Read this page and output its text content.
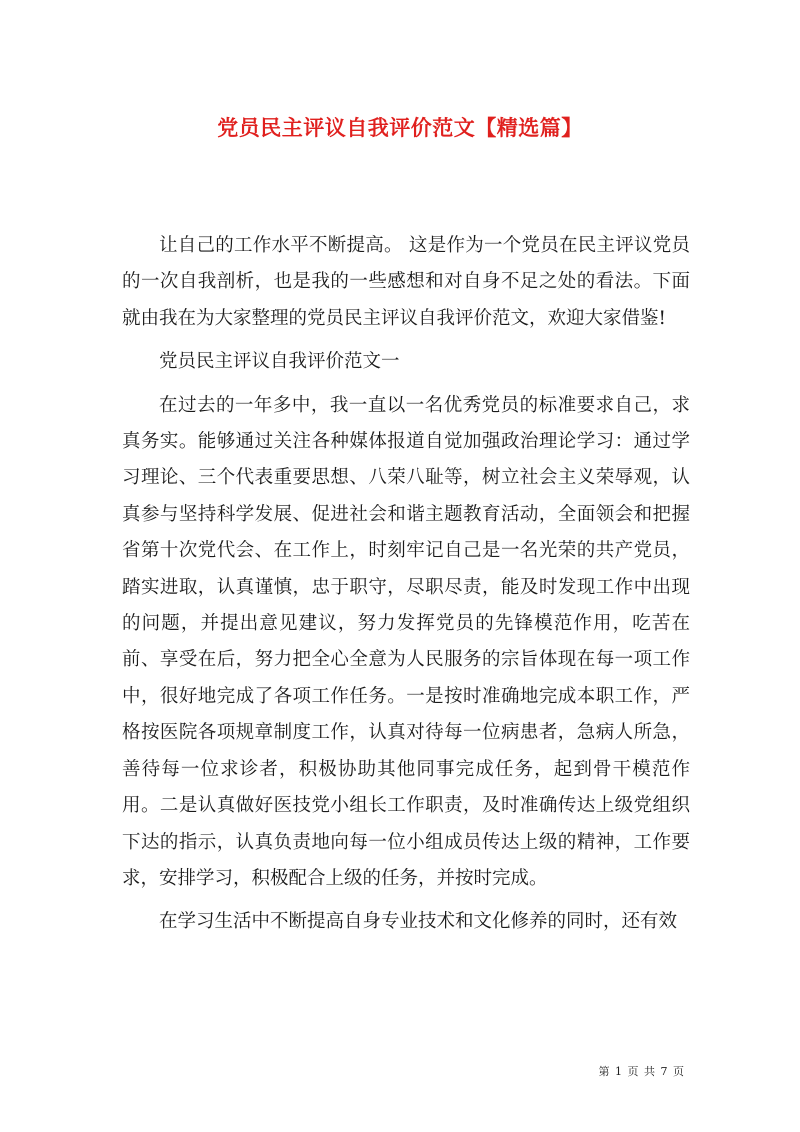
党员民主评议自我评价范文【精选篇】

让自己的工作水平不断提高。 这是作为一个党员在民主评议党员的一次自我剖析，也是我的一些感想和对自身不足之处的看法。下面就由我在为大家整理的党员民主评议自我评价范文，欢迎大家借鉴!

党员民主评议自我评价范文一

在过去的一年多中，我一直以一名优秀党员的标准要求自己，求真务实。能够通过关注各种媒体报道自觉加强政治理论学习：通过学习理论、三个代表重要思想、八荣八耻等，树立社会主义荣辱观，认真参与坚持科学发展、促进社会和谐主题教育活动，全面领会和把握省第十次党代会、在工作上，时刻牢记自己是一名光荣的共产党员，踏实进取，认真谨慎，忠于职守，尽职尽责，能及时发现工作中出现的问题，并提出意见建议，努力发挥党员的先锋模范作用，吃苦在前、享受在后，努力把全心全意为人民服务的宗旨体现在每一项工作中，很好地完成了各项工作任务。一是按时准确地完成本职工作，严格按医院各项规章制度工作，认真对待每一位病患者，急病人所急，善待每一位求诊者，积极协助其他同事完成任务，起到骨干模范作用。二是认真做好医技党小组长工作职责，及时准确传达上级党组织下达的指示，认真负责地向每一位小组成员传达上级的精神，工作要求，安排学习，积极配合上级的任务，并按时完成。

在学习生活中不断提高自身专业技术和文化修养的同时，还有效

第 1 页 共 7 页
